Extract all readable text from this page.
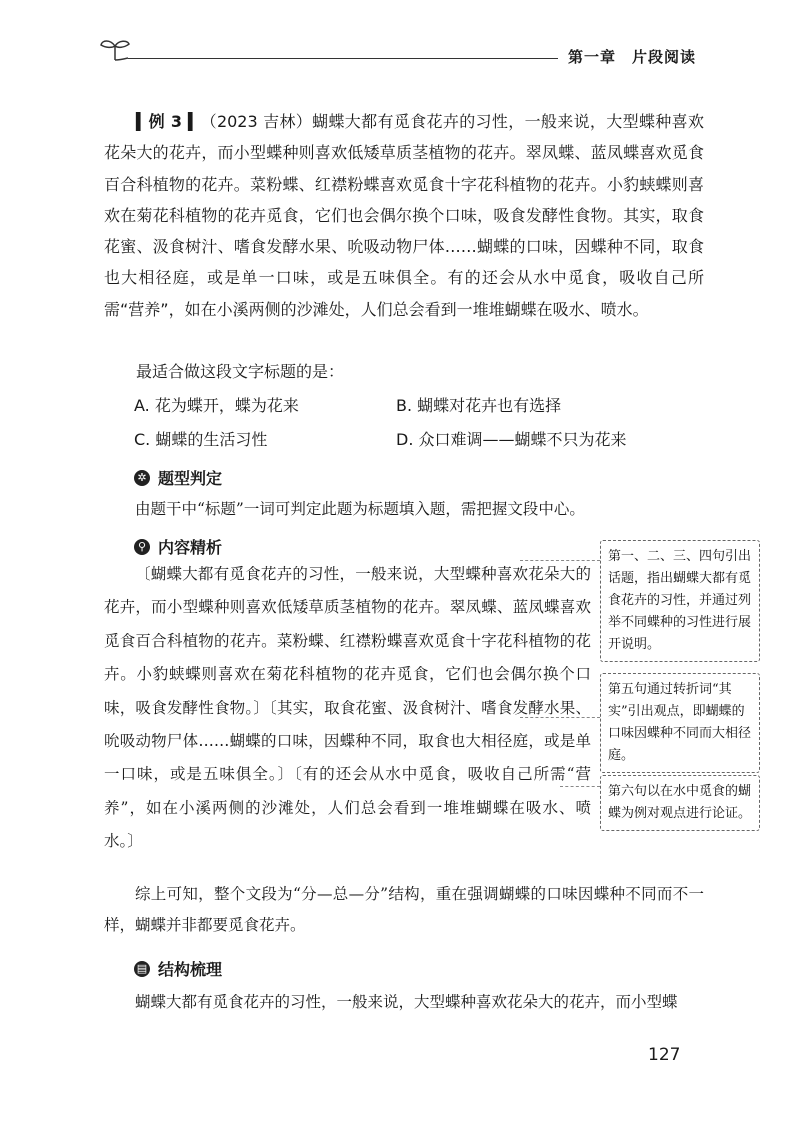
第一章 片段阅读

▍例 3 ▍（2023 吉林）蝴蝶大都有觅食花卉的习性，一般来说，大型蝶种喜欢花朵大的花卉，而小型蝶种则喜欢低矮草质茎植物的花卉。翠凤蝶、蓝凤蝶喜欢觅食百合科植物的花卉。菜粉蝶、红襟粉蝶喜欢觅食十字花科植物的花卉。小豹蛱蝶则喜欢在菊花科植物的花卉觅食，它们也会偶尔换个口味，吸食发酵性食物。其实，取食花蜜、汲食树汁、嗜食发酵水果、吮吸动物尸体……蝴蝶的口味，因蝶种不同，取食也大相径庭，或是单一口味，或是五味俱全。有的还会从水中觅食，吸收自己所需“营养”，如在小溪两侧的沙滩处，人们总会看到一堆堆蝴蝶在吸水、喷水。

最适合做这段文字标题的是：

A. 花为蝶开，蝶为花来	B. 蝴蝶对花卉也有选择
C. 蝴蝶的生活习性	D. 众口难调——蝴蝶不只为花来
✲ 题型判定

由题干中“标题”一词可判定此题为标题填入题，需把握文段中心。

⚲ 内容精析

〔蝴蝶大都有觅食花卉的习性，一般来说，大型蝶种喜欢花朵大的花卉，而小型蝶种则喜欢低矮草质茎植物的花卉。翠凤蝶、蓝凤蝶喜欢觅食百合科植物的花卉。菜粉蝶、红襟粉蝶喜欢觅食十字花科植物的花卉。小豹蛱蝶则喜欢在菊花科植物的花卉觅食，它们也会偶尔换个口味，吸食发酵性食物。〕〔其实，取食花蜜、汲食树汁、嗜食发酵水果、吮吸动物尸体……蝴蝶的口味，因蝶种不同，取食也大相径庭，或是单一口味，或是五味俱全。〕〔有的还会从水中觅食，吸收自己所需“营养”，如在小溪两侧的沙滩处，人们总会看到一堆堆蝴蝶在吸水、喷水。〕

第一、二、三、四句引出话题，指出蝴蝶大都有觅食花卉的习性，并通过列举不同蝶种的习性进行展开说明。
第五句通过转折词“其实”引出观点，即蝴蝶的口味因蝶种不同而大相径庭。
第六句以在水中觅食的蝴蝶为例对观点进行论证。

综上可知，整个文段为“分—总—分”结构，重在强调蝴蝶的口味因蝶种不同而不一样，蝴蝶并非都要觅食花卉。

▤ 结构梳理

蝴蝶大都有觅食花卉的习性，一般来说，大型蝶种喜欢花朵大的花卉，而小型蝶

127
